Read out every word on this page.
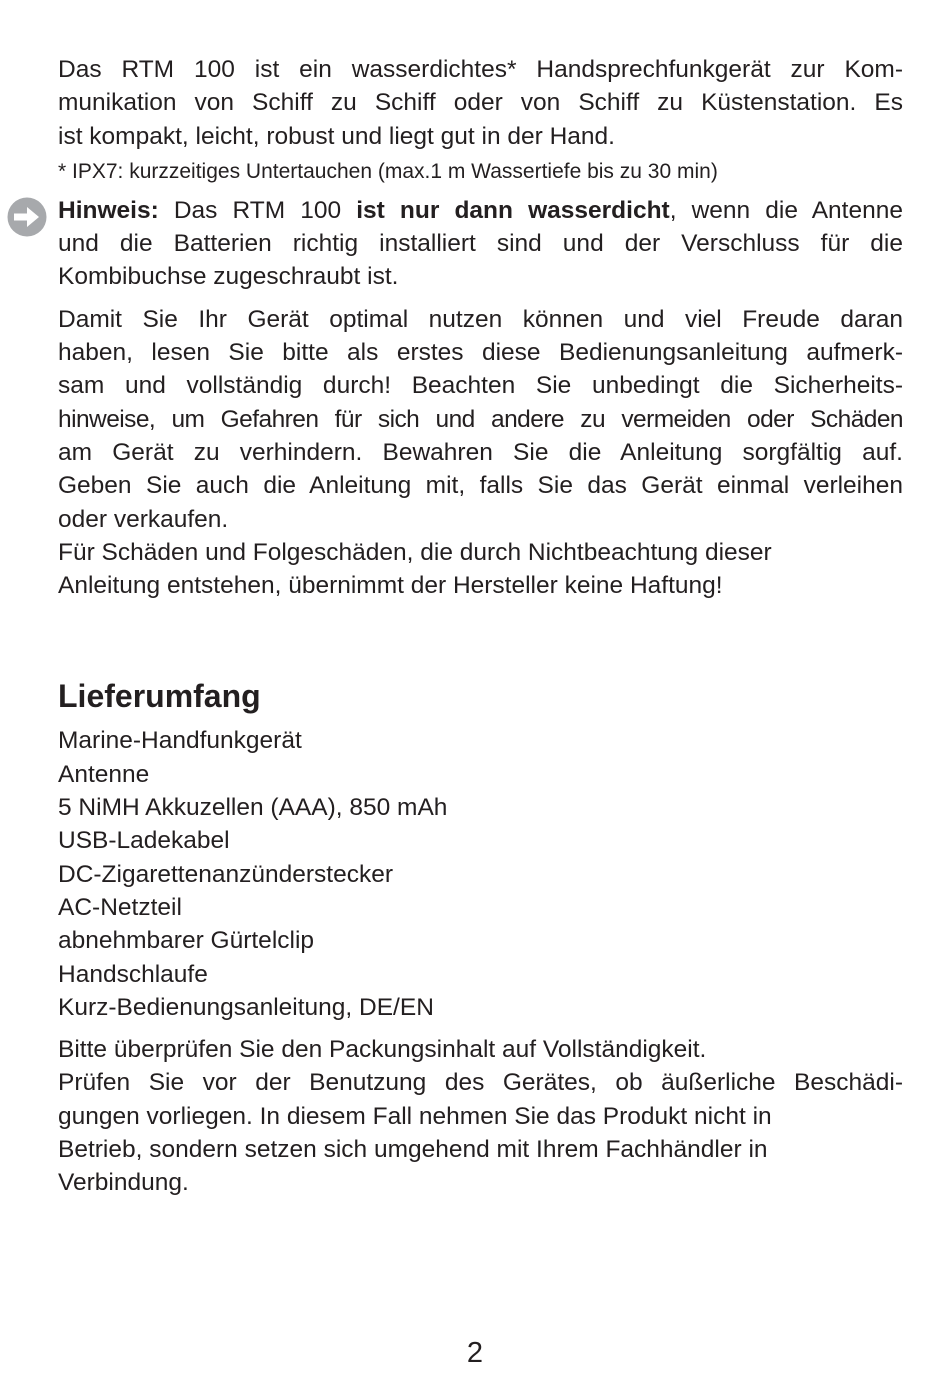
Das RTM 100 ist ein wasserdichtes* Handsprechfunkgerät zur Kom-
munikation von Schiff zu Schiff oder von Schiff zu Küstenstation. Es
ist kompakt, leicht, robust und liegt gut in der Hand.

* IPX7: kurzzeitiges Untertauchen (max.1 m Wassertiefe bis zu 30 min)

Hinweis: Das RTM 100 ist nur dann wasserdicht, wenn die Antenne
und die Batterien richtig installiert sind und der Verschluss für die
Kombibuchse zugeschraubt ist.

Damit Sie Ihr Gerät optimal nutzen können und viel Freude daran
haben, lesen Sie bitte als erstes diese Bedienungsanleitung aufmerk-
sam und vollständig durch! Beachten Sie unbedingt die Sicherheits-
hinweise, um Gefahren für sich und andere zu vermeiden oder Schäden
am Gerät zu verhindern. Bewahren Sie die Anleitung sorgfältig auf.
Geben Sie auch die Anleitung mit, falls Sie das Gerät einmal verleihen
oder verkaufen.
Für Schäden und Folgeschäden, die durch Nichtbeachtung dieser
Anleitung entstehen, übernimmt der Hersteller keine Haftung!

Lieferumfang
Marine-Handfunkgerät
Antenne
5 NiMH Akkuzellen (AAA), 850 mAh
USB-Ladekabel
DC-Zigarettenanzünderstecker
AC-Netzteil
abnehmbarer Gürtelclip
Handschlaufe
Kurz-Bedienungsanleitung, DE/EN

Bitte überprüfen Sie den Packungsinhalt auf Vollständigkeit.
Prüfen Sie vor der Benutzung des Gerätes, ob äußerliche Beschädi-
gungen vorliegen. In diesem Fall nehmen Sie das Produkt nicht in
Betrieb, sondern setzen sich umgehend mit Ihrem Fachhändler in
Verbindung.

2
